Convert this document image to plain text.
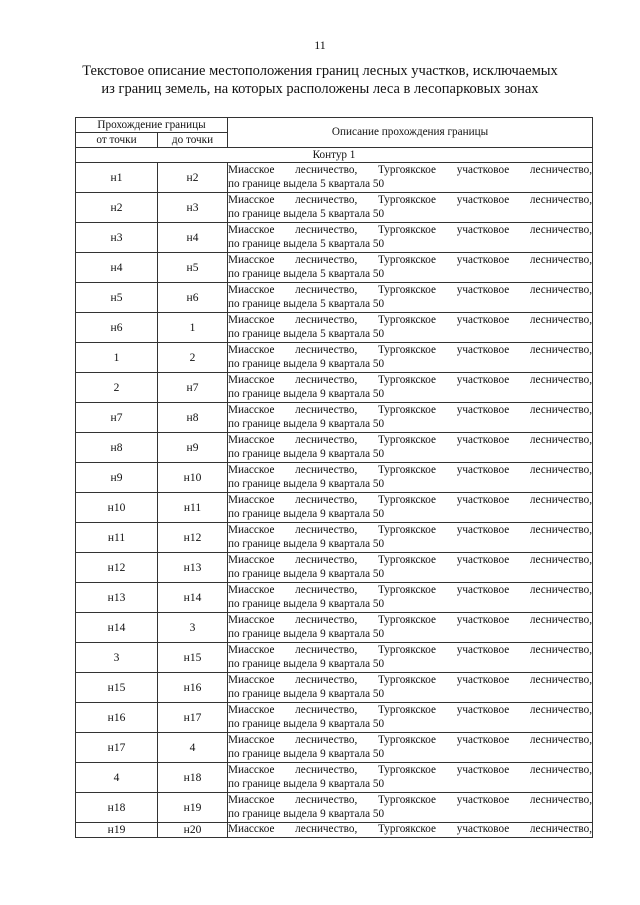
11
Текстовое описание местоположения границ лесных участков, исключаемых
из границ земель, на которых расположены леса в лесопарковых зонах
Прохождение границы		Описание прохождения границы
от точки	до точки	
Контур 1		
н1	н2	Миасское лесничество, Тургоякское участковое лесничество,
по границе выдела 5 квартала 50

н2	н3	Миасское лесничество, Тургоякское участковое лесничество,
по границе выдела 5 квартала 50

н3	н4	Миасское лесничество, Тургоякское участковое лесничество,
по границе выдела 5 квартала 50

н4	н5	Миасское лесничество, Тургоякское участковое лесничество,
по границе выдела 5 квартала 50

н5	н6	Миасское лесничество, Тургоякское участковое лесничество,
по границе выдела 5 квартала 50

н6	1	Миасское лесничество, Тургоякское участковое лесничество,
по границе выдела 5 квартала 50

1	2	Миасское лесничество, Тургоякское участковое лесничество,
по границе выдела 9 квартала 50

2	н7	Миасское лесничество, Тургоякское участковое лесничество,
по границе выдела 9 квартала 50

н7	н8	Миасское лесничество, Тургоякское участковое лесничество,
по границе выдела 9 квартала 50

н8	н9	Миасское лесничество, Тургоякское участковое лесничество,
по границе выдела 9 квартала 50

н9	н10	Миасское лесничество, Тургоякское участковое лесничество,
по границе выдела 9 квартала 50

н10	н11	Миасское лесничество, Тургоякское участковое лесничество,
по границе выдела 9 квартала 50

н11	н12	Миасское лесничество, Тургоякское участковое лесничество,
по границе выдела 9 квартала 50

н12	н13	Миасское лесничество, Тургоякское участковое лесничество,
по границе выдела 9 квартала 50

н13	н14	Миасское лесничество, Тургоякское участковое лесничество,
по границе выдела 9 квартала 50

н14	3	Миасское лесничество, Тургоякское участковое лесничество,
по границе выдела 9 квартала 50

3	н15	Миасское лесничество, Тургоякское участковое лесничество,
по границе выдела 9 квартала 50

н15	н16	Миасское лесничество, Тургоякское участковое лесничество,
по границе выдела 9 квартала 50

н16	н17	Миасское лесничество, Тургоякское участковое лесничество,
по границе выдела 9 квартала 50

н17	4	Миасское лесничество, Тургоякское участковое лесничество,
по границе выдела 9 квартала 50

4	н18	Миасское лесничество, Тургоякское участковое лесничество,
по границе выдела 9 квартала 50

н18	н19	Миасское лесничество, Тургоякское участковое лесничество,
по границе выдела 9 квартала 50

н19	н20	Миасское лесничество, Тургоякское участковое лесничество,
